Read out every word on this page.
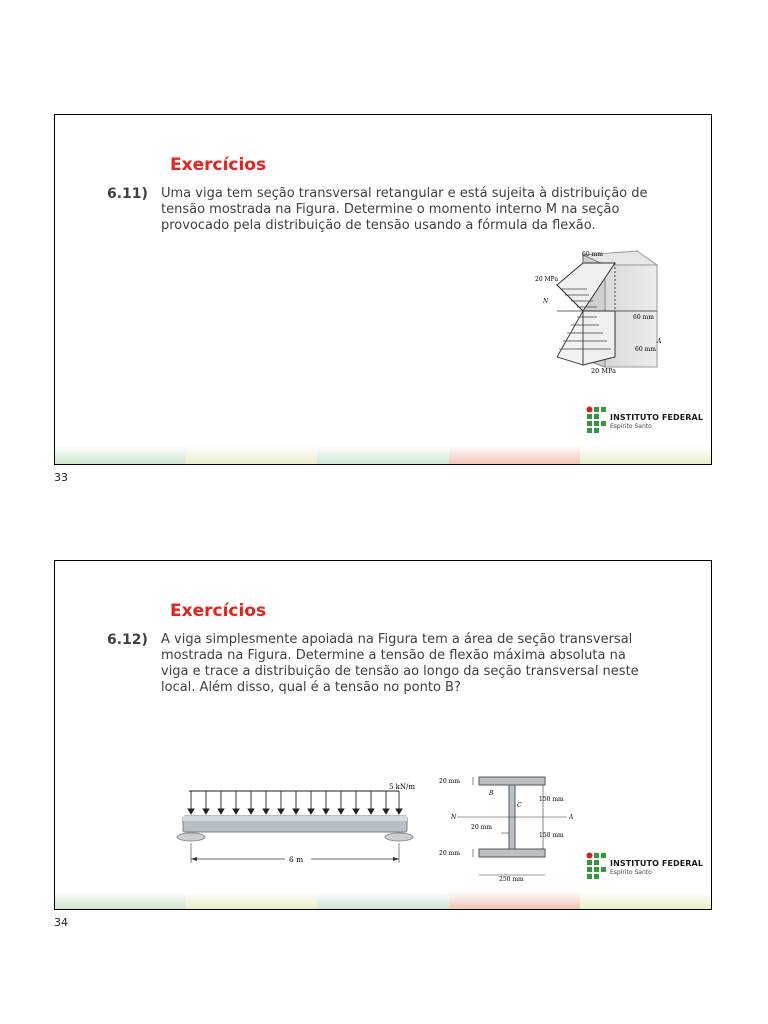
Exercícios
6.11) Uma viga tem seção transversal retangular e está sujeita à distribuição de tensão mostrada na Figura. Determine o momento interno M na seção provocado pela distribuição de tensão usando a fórmula da flexão.

60 mm
20 MPa
N
60 mm
A
60 mm
20 MPa
INSTITUTO FEDERAL
Espírito Santo
33
Exercícios
6.12) A viga simplesmente apoiada na Figura tem a área de seção transversal mostrada na Figura. Determine a tensão de flexão máxima absoluta na viga e trace a distribuição de tensão ao longo da seção transversal neste local. Além disso, qual é a tensão no ponto B?

5 kN/m
6 m
20 mm
B
C
150 mm
N	A
20 mm
150 mm
20 mm
250 mm
INSTITUTO FEDERAL
Espírito Santo
34
